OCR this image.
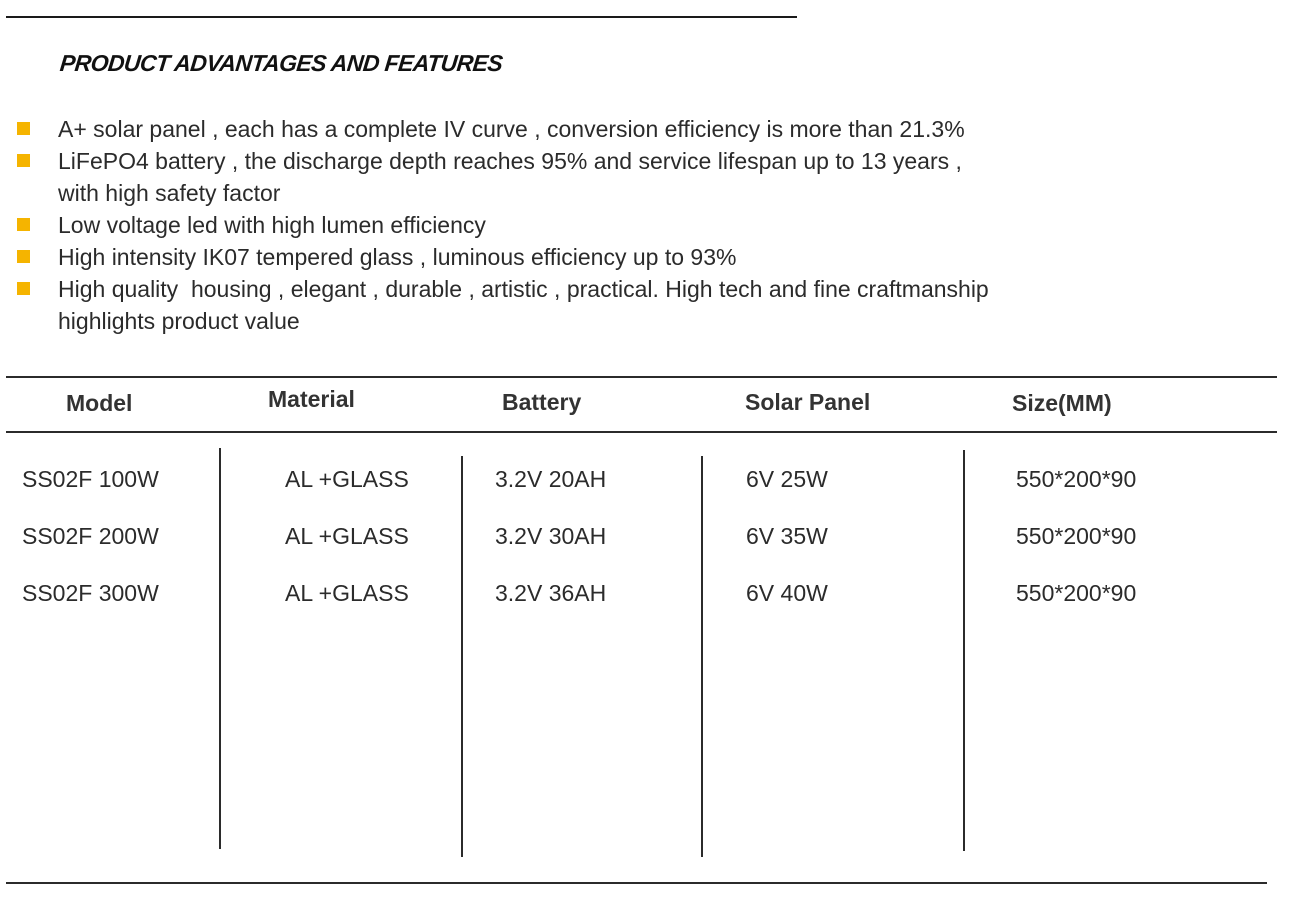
PRODUCT ADVANTAGES AND FEATURES
A+ solar panel , each has a complete IV curve , conversion efficiency is more than 21.3%
LiFePO4 battery , the discharge depth reaches 95% and service lifespan up to 13 years ,
with high safety factor
Low voltage led with high lumen efficiency
High intensity IK07 tempered glass , luminous efficiency up to 93%
High quality  housing , elegant , durable , artistic , practical. High tech and fine craftmanship
highlights product value
Model	Material	Battery	Solar Panel	Size(MM)
SS02F 100W	AL +GLASS	3.2V 20AH	6V 25W	550*200*90
SS02F 200W	AL +GLASS	3.2V 30AH	6V 35W	550*200*90
SS02F 300W	AL +GLASS	3.2V 36AH	6V 40W	550*200*90
